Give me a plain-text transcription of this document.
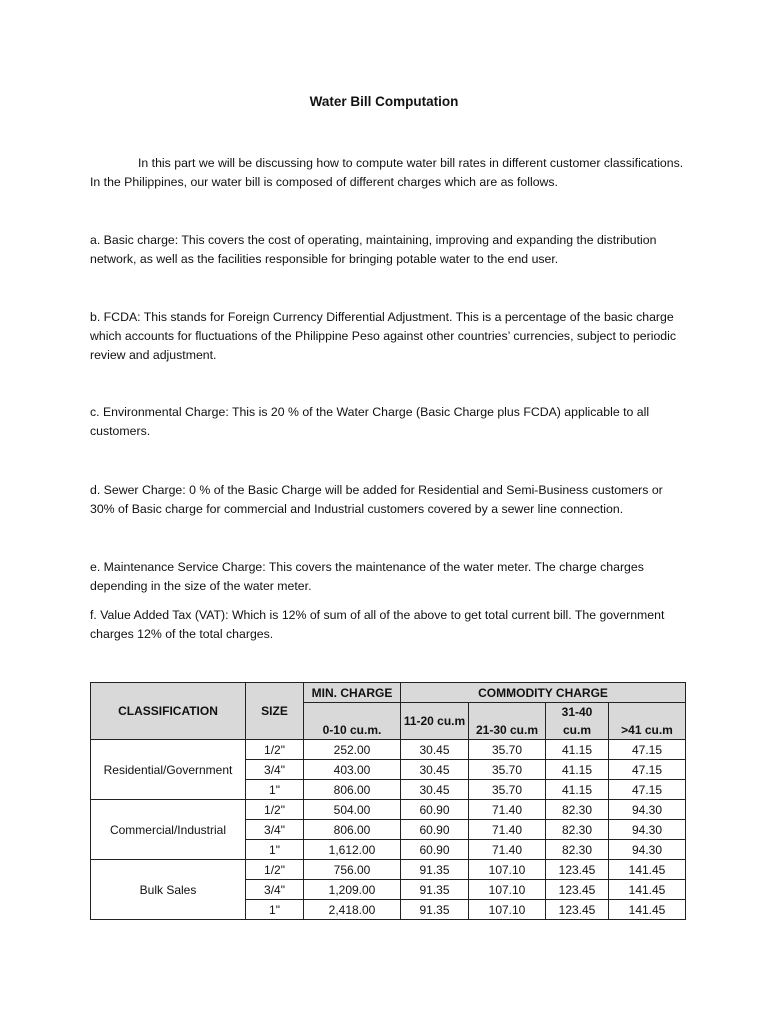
Water Bill Computation

In this part we will be discussing how to compute water bill rates in different customer classifications. In the Philippines, our water bill is composed of different charges which are as follows.

a. Basic charge: This covers the cost of operating, maintaining, improving and expanding the distribution network, as well as the facilities responsible for bringing potable water to the end user.

b. FCDA: This stands for Foreign Currency Differential Adjustment. This is a percentage of the basic charge which accounts for fluctuations of the Philippine Peso against other countries’ currencies, subject to periodic review and adjustment.

c. Environmental Charge: This is 20 % of the Water Charge (Basic Charge plus FCDA) applicable to all customers.

d. Sewer Charge: 0 % of the Basic Charge will be added for Residential and Semi-Business customers or 30% of Basic charge for commercial and Industrial customers covered by a sewer line connection.

e. Maintenance Service Charge: This covers the maintenance of the water meter. The charge charges depending in the size of the water meter.

f. Value Added Tax (VAT): Which is 12% of sum of all of the above to get total current bill. The government charges 12% of the total charges.

CLASSIFICATION	SIZE	MIN. CHARGE	COMMODITY CHARGE			
		0-10 cu.m.	11-20 cu.m	21-30 cu.m	31-40 cu.m	>41 cu.m

Residential/Government	1/2"	252.00	30.45	35.70	41.15	47.15
	3/4"	403.00	30.45	35.70	41.15	47.15
	1"	806.00	30.45	35.70	41.15	47.15
Commercial/Industrial	1/2"	504.00	60.90	71.40	82.30	94.30
	3/4"	806.00	60.90	71.40	82.30	94.30
	1"	1,612.00	60.90	71.40	82.30	94.30
Bulk Sales	1/2"	756.00	91.35	107.10	123.45	141.45
	3/4"	1,209.00	91.35	107.10	123.45	141.45
	1"	2,418.00	91.35	107.10	123.45	141.45
